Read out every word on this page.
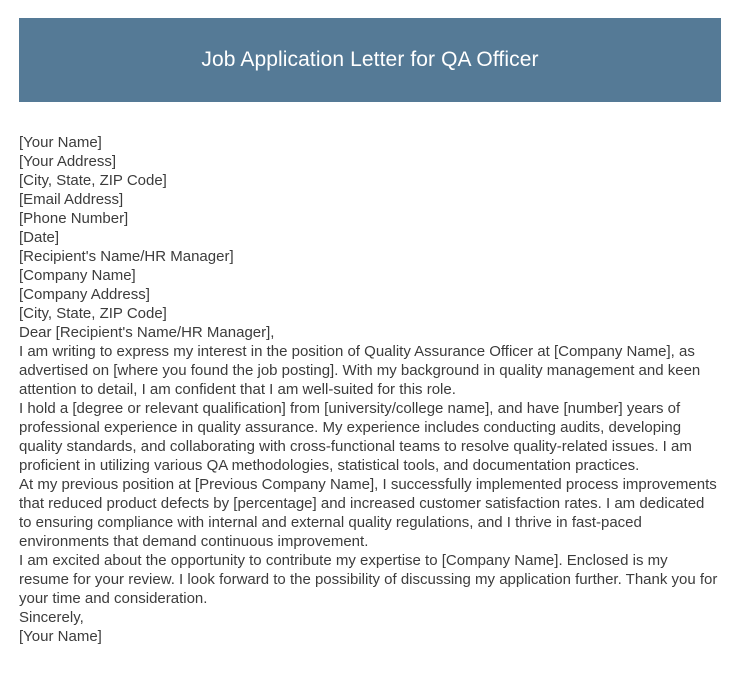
Job Application Letter for QA Officer
[Your Name]
[Your Address]
[City, State, ZIP Code]
[Email Address]
[Phone Number]
[Date]
[Recipient's Name/HR Manager]
[Company Name]
[Company Address]
[City, State, ZIP Code]
Dear [Recipient's Name/HR Manager],

I am writing to express my interest in the position of Quality Assurance Officer at [Company Name], as advertised on [where you found the job posting]. With my background in quality management and keen attention to detail, I am confident that I am well-suited for this role.

I hold a [degree or relevant qualification] from [university/college name], and have [number] years of professional experience in quality assurance. My experience includes conducting audits, developing quality standards, and collaborating with cross-functional teams to resolve quality-related issues. I am proficient in utilizing various QA methodologies, statistical tools, and documentation practices.

At my previous position at [Previous Company Name], I successfully implemented process improvements that reduced product defects by [percentage] and increased customer satisfaction rates. I am dedicated to ensuring compliance with internal and external quality regulations, and I thrive in fast-paced environments that demand continuous improvement.

I am excited about the opportunity to contribute my expertise to [Company Name]. Enclosed is my resume for your review. I look forward to the possibility of discussing my application further. Thank you for your time and consideration.

Sincerely,
[Your Name]
